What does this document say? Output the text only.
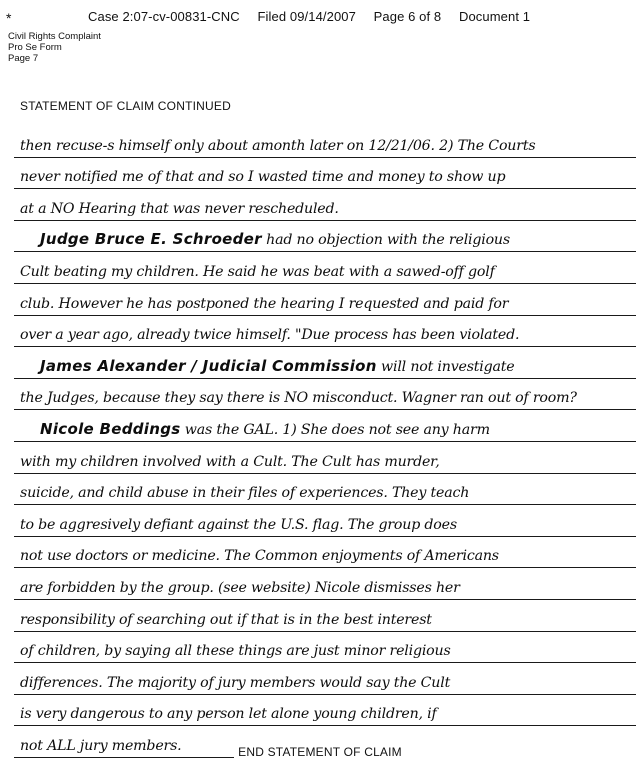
*	Case 2:07-cv-00831-CNC Filed 09/14/2007 Page 6 of 8 Document 1
Civil Rights Complaint
Pro Se Form
Page 7
STATEMENT OF CLAIM CONTINUED
then recuse-s himself only about amonth later on 12/21/06. 2) The Courts
never notified me of that and so I wasted time and money to show up
at a NO Hearing that was never rescheduled.
Judge Bruce E. Schroeder had no objection with the religious
Cult beating my children. He said he was beat with a sawed-off golf
club. However he has postponed the hearing I requested and paid for
over a year ago, already twice himself. "Due process has been violated.
James Alexander / Judicial Commission will not investigate
the Judges, because they say there is NO misconduct. Wagner ran out of room?
Nicole Beddings was the GAL. 1) She does not see any harm
with my children involved with a Cult. The Cult has murder,
suicide, and child abuse in their files of experiences. They teach
to be aggresively defiant against the U.S. flag. The group does
not use doctors or medicine. The Common enjoyments of Americans
are forbidden by the group. (see website) Nicole dismisses her
responsibility of searching out if that is in the best interest
of children, by saying all these things are just minor religious
differences. The majority of jury members would say the Cult
is very dangerous to any person let alone young children, if
not ALL jury members.	END STATEMENT OF CLAIM
